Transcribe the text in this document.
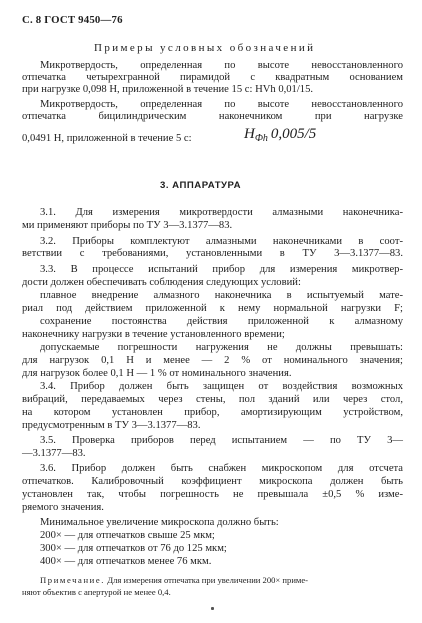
С. 8 ГОСТ 9450—76
Примеры условных обозначений
Микротвердость, определенная по высоте невосстановленного
отпечатка четырехгранной пирамидой с квадратным основанием
при нагрузке 0,098 Н, приложенной в течение 15 с: HVh 0,01/15.
Микротвердость, определенная по высоте невосстановленного
отпечатка бицилиндрическим наконечником при нагрузке
0,0491 Н, приложенной в течение 5 с:	$Н_{Фh}$ 0,005/5
3. АППАРАТУРА
3.1. Для измерения микротвердости алмазными наконечника-
ми применяют приборы по ТУ 3—3.1377—83.
3.2. Приборы комплектуют алмазными наконечниками в соот-
ветствии с требованиями, установленными в ТУ 3—3.1377—83.
3.3. В процессе испытаний прибор для измерения микротвер-
дости должен обеспечивать соблюдения следующих условий:
плавное внедрение алмазного наконечника в испытуемый мате-
риал под действием приложенной к нему нормальной нагрузки F;
сохранение постоянства действия приложенной к алмазному
наконечнику нагрузки в течение установленного времени;
допускаемые погрешности нагружения не должны превышать:
для нагрузок 0,1 Н и менее — 2 % от номинального значения;
для нагрузок более 0,1 Н — 1 % от номинального значения.
3.4. Прибор должен быть защищен от воздействия возможных
вибраций, передаваемых через стены, пол зданий или через стол,
на котором установлен прибор, амортизирующим устройством,
предусмотренным в ТУ 3—3.1377—83.
3.5. Проверка приборов перед испытанием — по ТУ 3—
—3.1377—83.
3.6. Прибор должен быть снабжен микроскопом для отсчета
отпечатков. Калибровочный коэффициент микроскопа должен быть
установлен так, чтобы погрешность не превышала ±0,5 % изме-
ряемого значения.
Минимальное увеличение микроскопа должно быть:
200× — для отпечатков свыше 25 мкм;
300× — для отпечатков от 76 до 125 мкм;
400× — для отпечатков менее 76 мкм.
Примечание. Для измерения отпечатка при увеличении 200× приме-
няют объектив с апертурой не менее 0,4.
